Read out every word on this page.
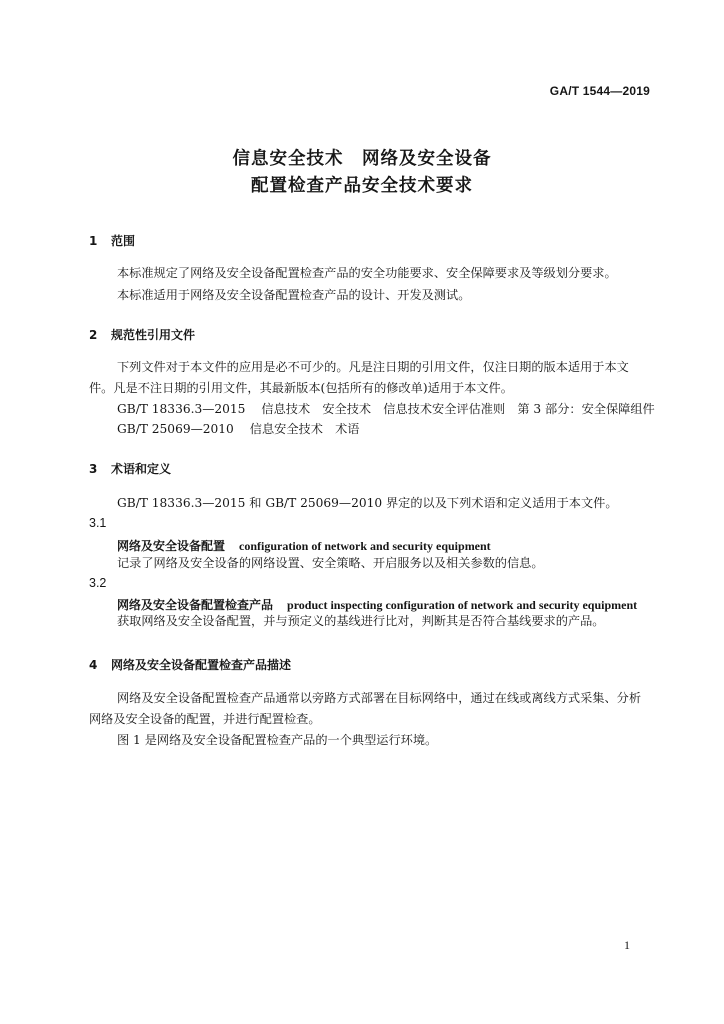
GA/T 1544—2019
信息安全技术　网络及安全设备
配置检查产品安全技术要求
1 范围
本标准规定了网络及安全设备配置检查产品的安全功能要求、安全保障要求及等级划分要求。
本标准适用于网络及安全设备配置检查产品的设计、开发及测试。
2 规范性引用文件
下列文件对于本文件的应用是必不可少的。凡是注日期的引用文件，仅注日期的版本适用于本文
件。凡是不注日期的引用文件，其最新版本(包括所有的修改单)适用于本文件。
GB/T 18336.3—2015 信息技术　安全技术　信息技术安全评估准则　第 3 部分：安全保障组件
GB/T 25069—2010 信息安全技术　术语
3 术语和定义
GB/T 18336.3—2015 和 GB/T 25069—2010 界定的以及下列术语和定义适用于本文件。
3.1
网络及安全设备配置 configuration of network and security equipment
记录了网络及安全设备的网络设置、安全策略、开启服务以及相关参数的信息。
3.2
网络及安全设备配置检查产品 product inspecting configuration of network and security equipment
获取网络及安全设备配置，并与预定义的基线进行比对，判断其是否符合基线要求的产品。
4 网络及安全设备配置检查产品描述
网络及安全设备配置检查产品通常以旁路方式部署在目标网络中，通过在线或离线方式采集、分析
网络及安全设备的配置，并进行配置检查。
图 1 是网络及安全设备配置检查产品的一个典型运行环境。
1
